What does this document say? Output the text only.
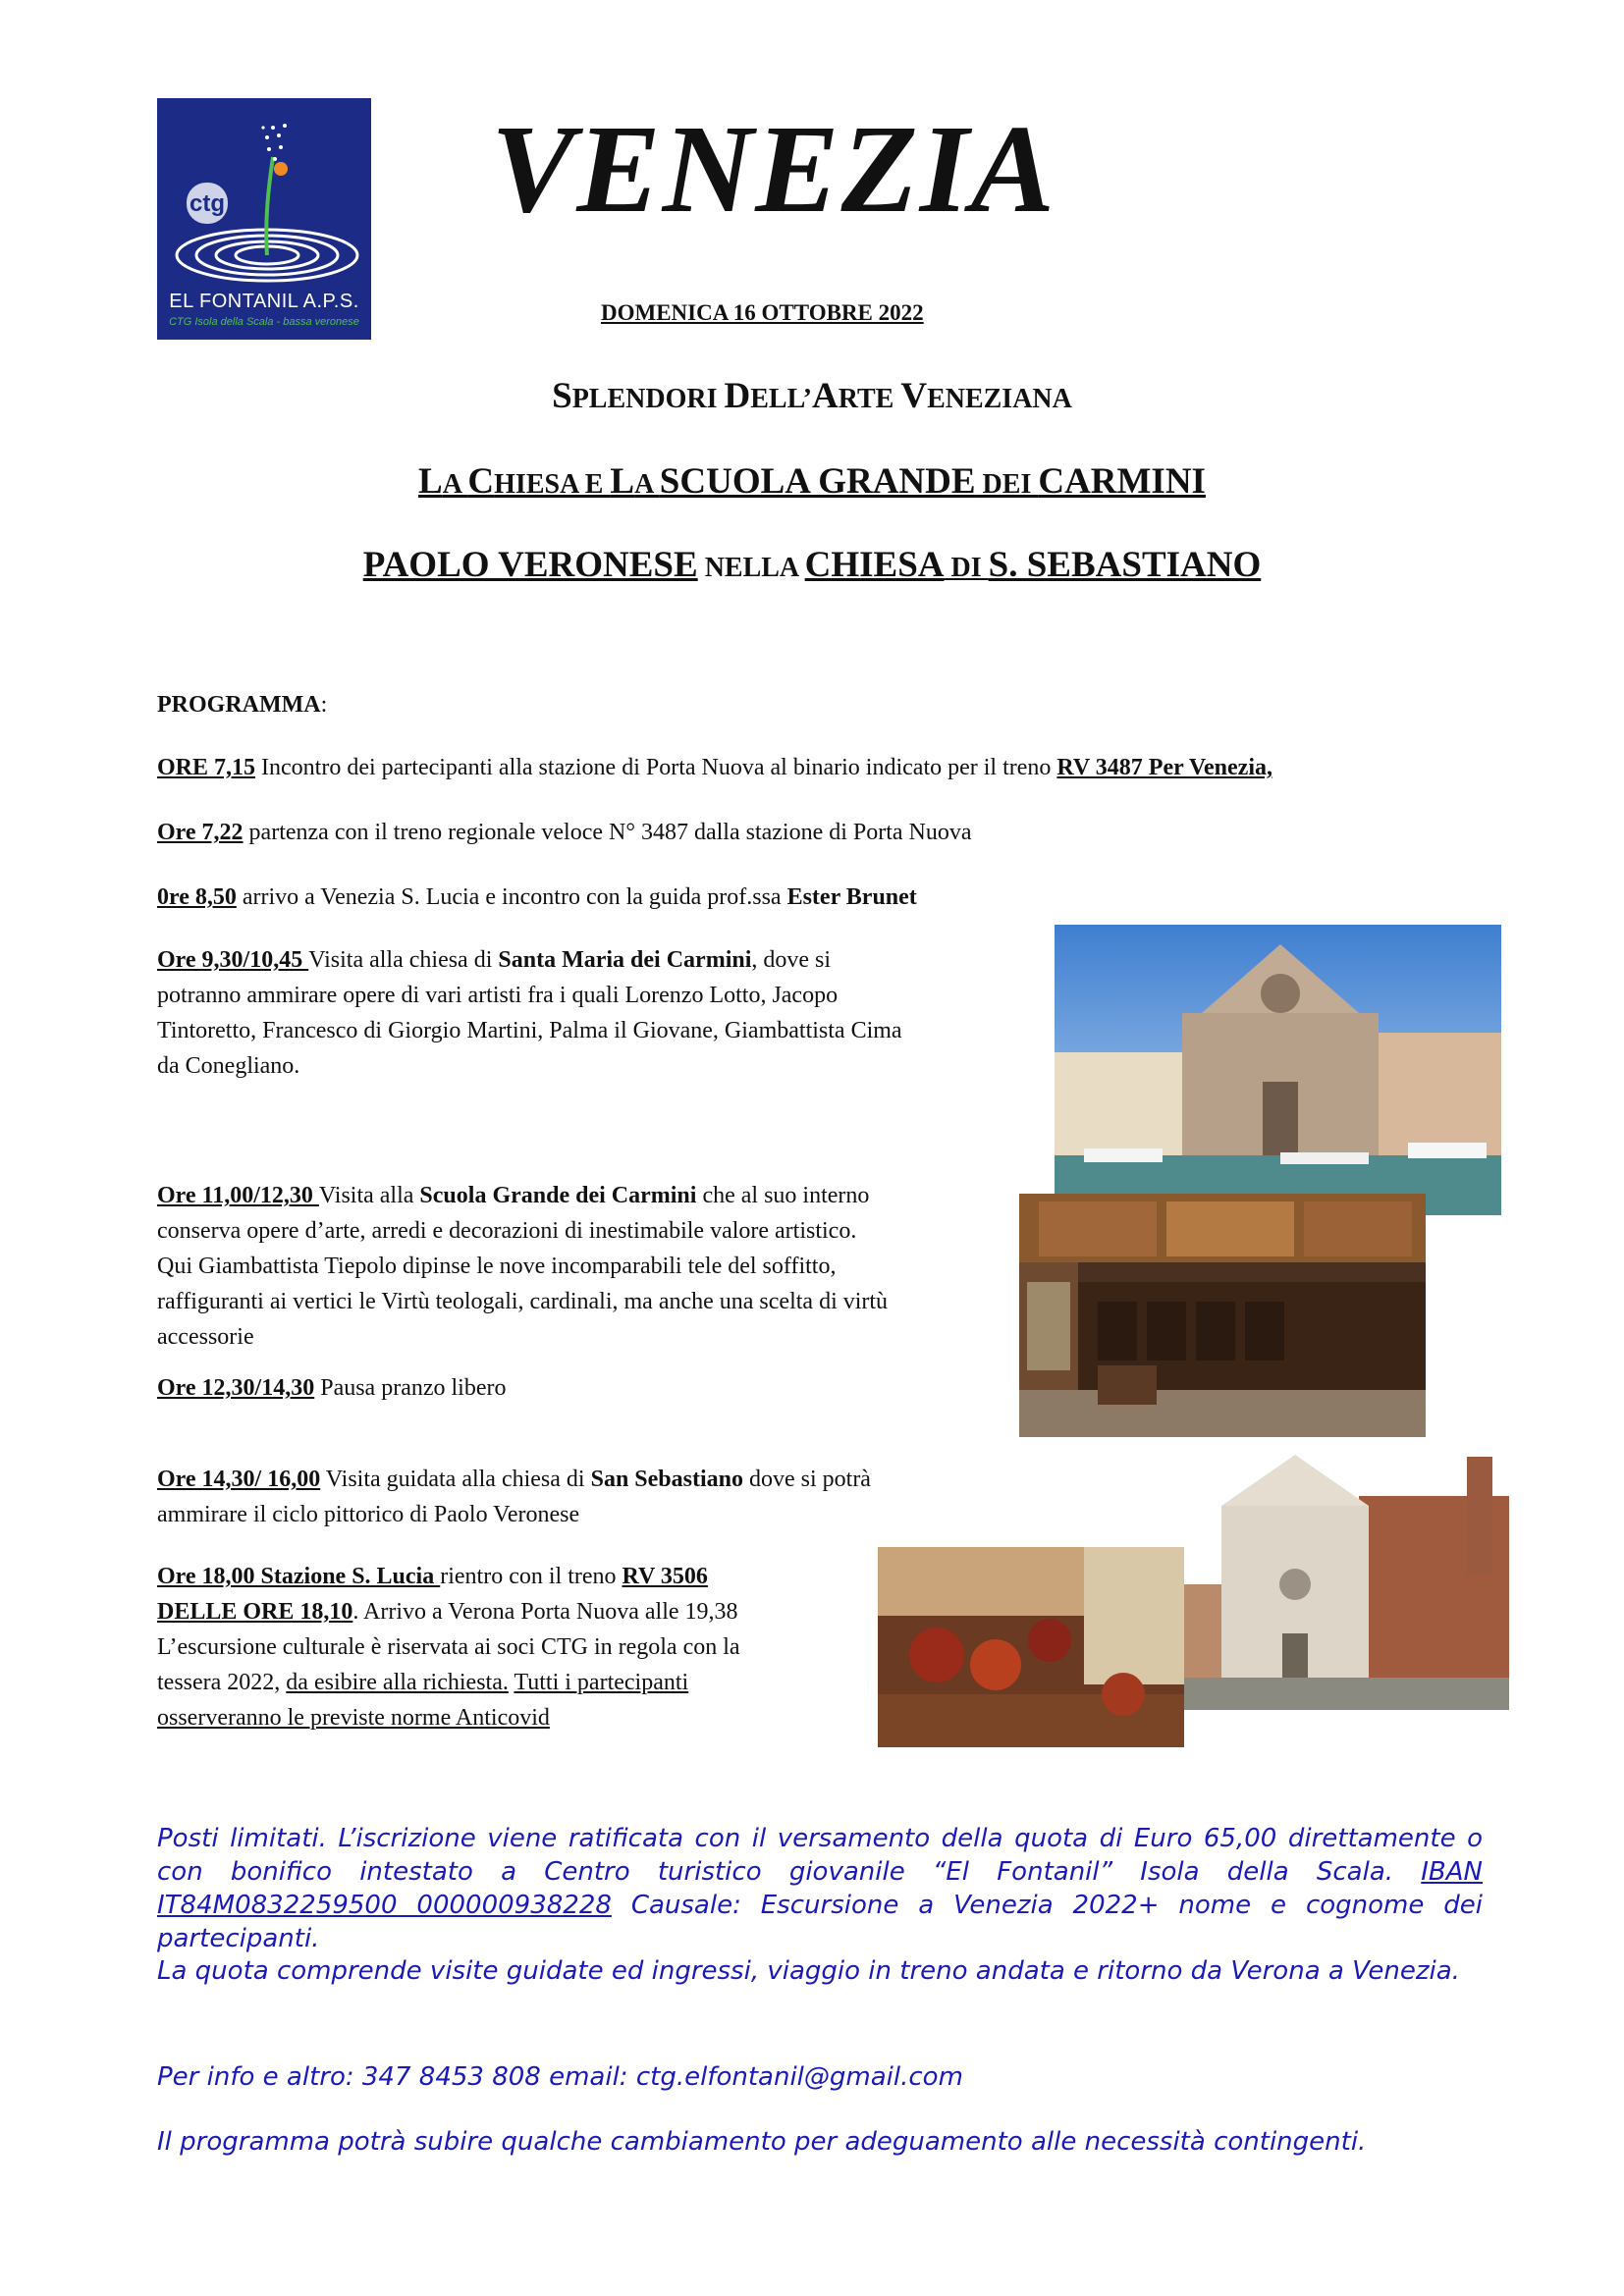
ctg
EL FONTANIL A.P.S.
CTG Isola della Scala - bassa veronese
VENEZIA
DOMENICA 16 OTTOBRE 2022
SPLENDORI DELL’ARTE VENEZIANA
LA CHIESA E LA SCUOLA GRANDE DEI CARMINI
PAOLO VERONESE NELLA CHIESA DI S. SEBASTIANO
PROGRAMMA:
ORE 7,15 Incontro dei partecipanti alla stazione di Porta Nuova al binario indicato per il treno RV 3487 Per Venezia,
Ore 7,22 partenza con il treno regionale veloce N° 3487 dalla stazione di Porta Nuova
0re 8,50 arrivo a Venezia S. Lucia e incontro con la guida prof.ssa Ester Brunet
Ore 9,30/10,45 Visita alla chiesa di Santa Maria dei Carmini, dove si
potranno ammirare opere di vari artisti fra i quali Lorenzo Lotto, Jacopo
Tintoretto, Francesco di Giorgio Martini, Palma il Giovane, Giambattista Cima
da Conegliano.
Ore 11,00/12,30 Visita alla Scuola Grande dei Carmini che al suo interno
conserva opere d’arte, arredi e decorazioni di inestimabile valore artistico.
Qui Giambattista Tiepolo dipinse le nove incomparabili tele del soffitto,
raffiguranti ai vertici le Virtù teologali, cardinali, ma anche una scelta di virtù
accessorie
Ore 12,30/14,30 Pausa pranzo libero
Ore 14,30/ 16,00 Visita guidata alla chiesa di San Sebastiano dove si potrà
ammirare il ciclo pittorico di Paolo Veronese
Ore 18,00 Stazione S. Lucia rientro con il treno RV 3506
DELLE ORE 18,10. Arrivo a Verona Porta Nuova alle 19,38
L’escursione culturale è riservata ai soci CTG in regola con la
tessera 2022, da esibire alla richiesta. Tutti i partecipanti
osserveranno le previste norme Anticovid
Posti limitati. L’iscrizione viene ratificata con il versamento della quota di Euro 65,00 direttamente o con bonifico intestato a Centro turistico giovanile “El Fontanil” Isola della Scala. IBAN IT84M0832259500 000000938228 Causale: Escursione a Venezia 2022+ nome e cognome dei partecipanti.
La quota comprende visite guidate ed ingressi, viaggio in treno andata e ritorno da Verona a Venezia.
Per info e altro: 347 8453 808 email: ctg.elfontanil@gmail.com
Il programma potrà subire qualche cambiamento per adeguamento alle necessità contingenti.
